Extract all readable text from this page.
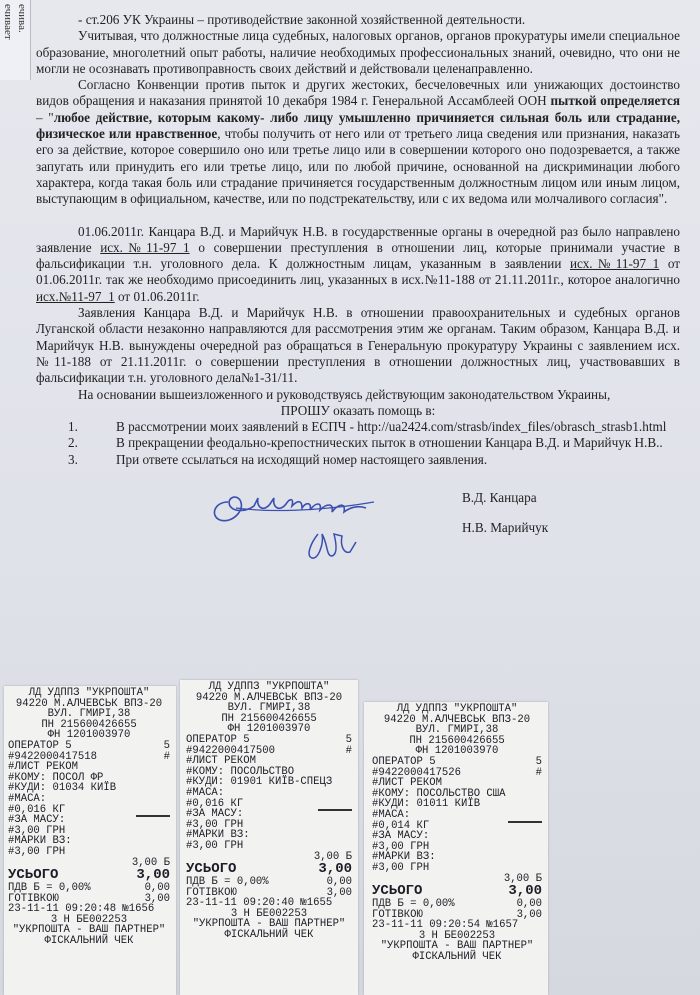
ечивает ечива.	- ст.206 УК Украины – противодействие законной хозяйственной деятельности.

Учитывая, что должностные лица судебных, налоговых органов, органов прокуратуры имели специальное образование, многолетний опыт работы, наличие необходимых профессиональных знаний, очевидно, что они не могли не осознавать противоправность своих действий и действовали целенаправленно.

Согласно Конвенции против пыток и других жестоких, бесчеловечных или унижающих достоинство видов обращения и наказания принятой 10 декабря 1984 г. Генеральной Ассамблеей ООН пыткой определяется – "любое действие, которым какому- либо лицу умышленно причиняется сильная боль или страдание, физическое или нравственное, чтобы получить от него или от третьего лица сведения или признания, наказать его за действие, которое совершило оно или третье лицо или в совершении которого оно подозревается, а также запугать или принудить его или третье лицо, или по любой причине, основанной на дискриминации любого характера, когда такая боль или страдание причиняется государственным должностным лицом или иным лицом, выступающим в официальном, качестве, или по подстрекательству, или с их ведома или молчаливого согласия".

01.06.2011г. Канцара В.Д. и Марийчук Н.В. в государственные органы в очередной раз было направлено заявление исх.№11-97_1 о совершении преступления в отношении лиц, которые принимали участие в фальсификации т.н. уголовного дела. К должностным лицам, указанным в заявлении исх.№11-97_1 от 01.06.2011г. так же необходимо присоединить лиц, указанных в исх.№11-188 от 21.11.2011г., которое аналогично исх.№11-97_1 от 01.06.2011г.

Заявления Канцара В.Д. и Марийчук Н.В. в отношении правоохранительных и судебных органов Луганской области незаконно направляются для рассмотрения этим же органам. Таким образом, Канцара В.Д. и Марийчук Н.В. вынуждены очередной раз обращаться в Генеральную прокуратуру Украины с заявлением исх.№11-188 от 21.11.2011г. о совершении преступления в отношении должностных лиц, участвовавших в фальсификации т.н. уголовного дела№1-31/11.

На основании вышеизложенного и руководствуясь действующим законодательством Украины,

ПРОШУ оказать помощь в:

1.	В рассмотрении моих заявлений в ЕСПЧ - http://ua2424.com/strasb/index_files/obrasch_strasb1.html

2.	В прекращении феодально-крепостнических пыток в отношении Канцара В.Д. и Марийчук Н.В..

3.	При ответе ссылаться на исходящий номер настоящего заявления.

В.Д. Канцара
Н.В. Марийчук
ЛД УДППЗ "УКРПОШТА"
94220 М.АЛЧЕВСЬК ВПЗ-20
ВУЛ. ГМИРІ,38
ПН 215600426655
ФН 1201003970
ОПЕРАТОР 5	5
#9422000417518	#
#ЛИСТ РЕКОМ
#КОМУ: ПОСОЛ ФР
#КУДИ: 01034 КИЇВ
#МАСА:
#0,016 КГ
#ЗА МАСУ:
#3,00 ГРН
#МАРКИ ВЗ:
#3,00 ГРН
3,00 Б
УСЬОГО	3,00
ПДВ Б = 0,00%	0,00
ГОТІВКОЮ	3,00
23-11-11 09:20:48 №1656
3 Н БЕ002253
"УКРПОШТА - ВАШ ПАРТНЕР"
ФІСКАЛЬНИЙ ЧЕК
ЛД УДППЗ "УКРПОШТА"
94220 М.АЛЧЕВСЬК ВПЗ-20
ВУЛ. ГМИРІ,38
ПН 215600426655
ФН 1201003970
ОПЕРАТОР 5	5
#9422000417500	#
#ЛИСТ РЕКОМ
#КОМУ: ПОСОЛЬСТВО
#КУДИ: 01901 КИЇВ-СПЕЦЗ
#МАСА:
#0,016 КГ
#ЗА МАСУ:
#3,00 ГРН
#МАРКИ ВЗ:
#3,00 ГРН
3,00 Б
УСЬОГО	3,00
ПДВ Б = 0,00%	0,00
ГОТІВКОЮ	3,00
23-11-11 09:20:40 №1655
3 Н БЕ002253
"УКРПОШТА - ВАШ ПАРТНЕР"
ФІСКАЛЬНИЙ ЧЕК
ЛД УДППЗ "УКРПОШТА"
94220 М.АЛЧЕВСЬК ВПЗ-20
ВУЛ. ГМИРІ,38
ПН 215600426655
ФН 1201003970
ОПЕРАТОР 5	5
#9422000417526	#
#ЛИСТ РЕКОМ
#КОМУ: ПОСОЛЬСТВО США
#КУДИ: 01011 КИЇВ
#МАСА:
#0,014 КГ
#ЗА МАСУ:
#3,00 ГРН
#МАРКИ ВЗ:
#3,00 ГРН
3,00 Б
УСЬОГО	3,00
ПДВ Б = 0,00%	0,00
ГОТІВКОЮ	3,00
23-11-11 09:20:54 №1657
3 Н БЕ002253
"УКРПОШТА - ВАШ ПАРТНЕР"
ФІСКАЛЬНИЙ ЧЕК
